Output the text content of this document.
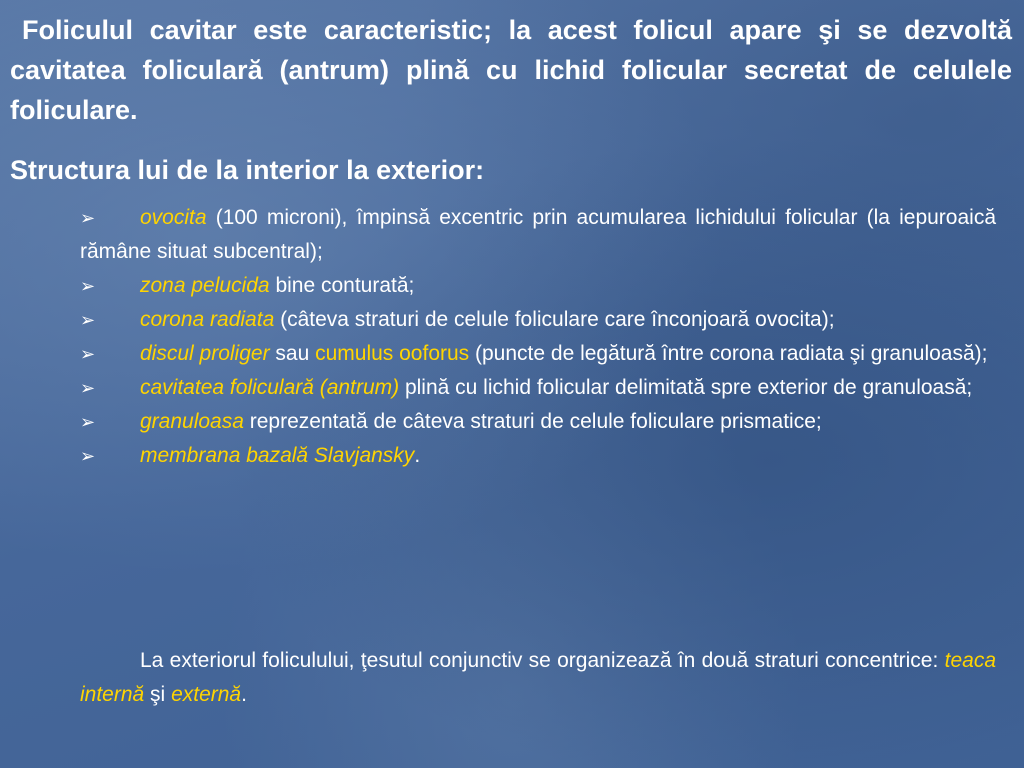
Foliculul cavitar este caracteristic; la acest folicul apare şi se dezvoltă cavitatea foliculară (antrum) plină cu lichid folicular secretat de celulele foliculare.

Structura lui de la interior la exterior:

➢ ovocita (100 microni), împinsă excentric prin acumularea lichidului folicular (la iepuroaică rămâne situat subcentral);
➢ zona pelucida bine conturată;
➢ corona radiata (câteva straturi de celule foliculare care înconjoară ovocita);
➢ discul proliger sau cumulus ooforus (puncte de legătură între corona radiata şi granuloasă);
➢ cavitatea foliculară (antrum) plină cu lichid folicular delimitată spre exterior de granuloasă;
➢ granuloasa reprezentată de câteva straturi de celule foliculare prismatice;
➢ membrana bazală Slavjansky.

La exteriorul foliculului, ţesutul conjunctiv se organizează în două straturi concentrice: teaca internă şi externă.
